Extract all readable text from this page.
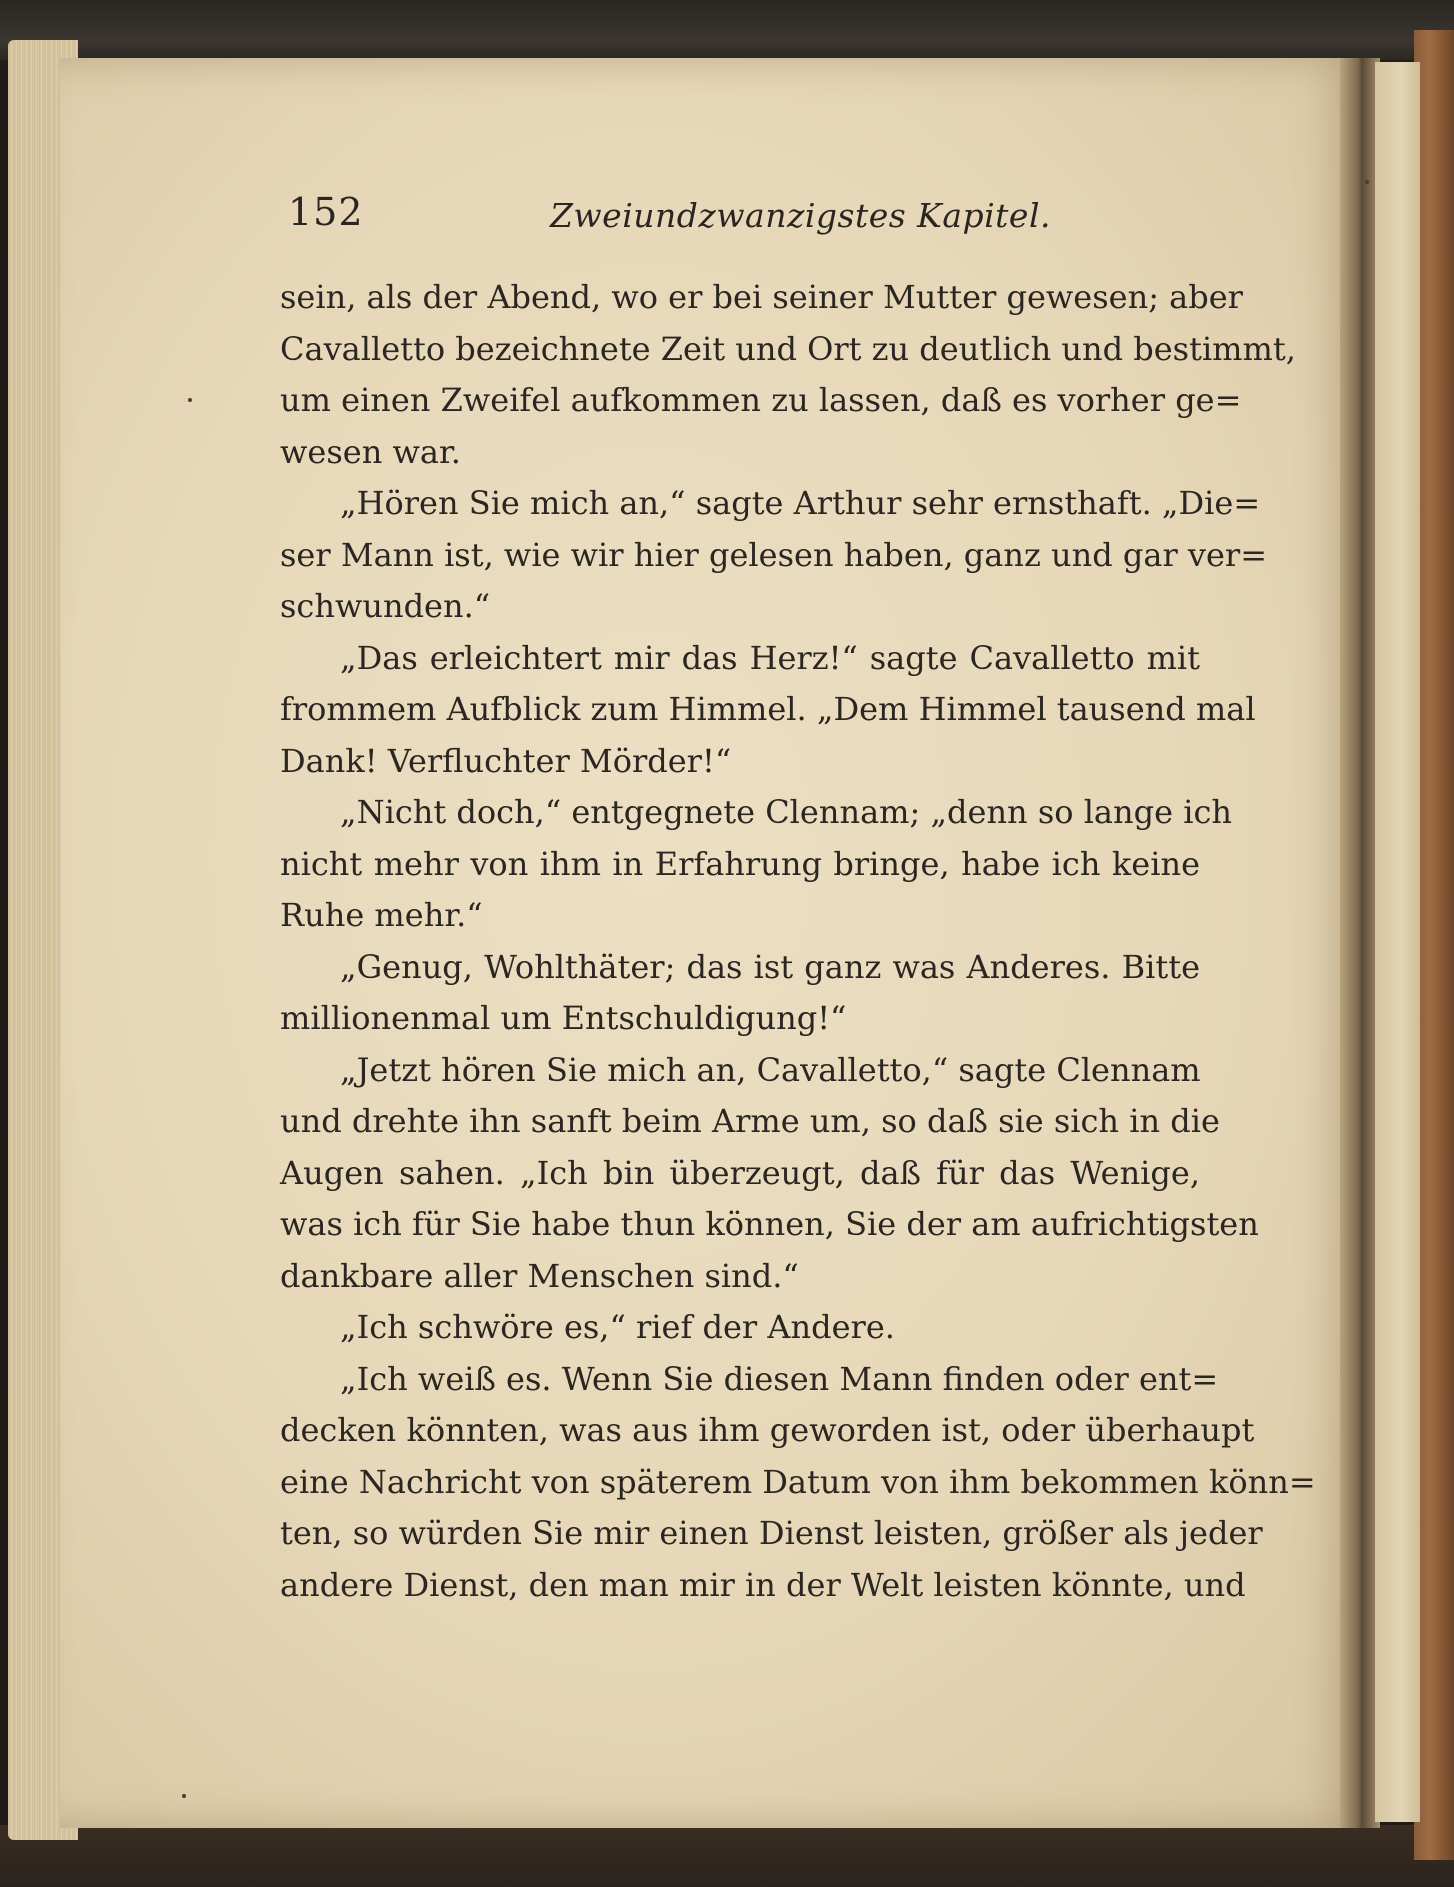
152	Zweiundzwanzigstes Kapitel.
sein, als der Abend, wo er bei seiner Mutter gewesen; aber
Cavalletto bezeichnete Zeit und Ort zu deutlich und bestimmt,
um einen Zweifel aufkommen zu lassen, daß es vorher ge=
wesen war.
„Hören Sie mich an,“ sagte Arthur sehr ernsthaft. „Die=
ser Mann ist, wie wir hier gelesen haben, ganz und gar ver=
schwunden.“
„Das erleichtert mir das Herz!“ sagte Cavalletto mit
frommem Aufblick zum Himmel. „Dem Himmel tausend mal
Dank! Verfluchter Mörder!“
„Nicht doch,“ entgegnete Clennam; „denn so lange ich
nicht mehr von ihm in Erfahrung bringe, habe ich keine
Ruhe mehr.“
„Genug, Wohlthäter; das ist ganz was Anderes. Bitte
millionenmal um Entschuldigung!“
„Jetzt hören Sie mich an, Cavalletto,“ sagte Clennam
und drehte ihn sanft beim Arme um, so daß sie sich in die
Augen sahen. „Ich bin überzeugt, daß für das Wenige,
was ich für Sie habe thun können, Sie der am aufrichtigsten
dankbare aller Menschen sind.“
„Ich schwöre es,“ rief der Andere.
„Ich weiß es. Wenn Sie diesen Mann finden oder ent=
decken könnten, was aus ihm geworden ist, oder überhaupt
eine Nachricht von späterem Datum von ihm bekommen könn=
ten, so würden Sie mir einen Dienst leisten, größer als jeder
andere Dienst, den man mir in der Welt leisten könnte, und
